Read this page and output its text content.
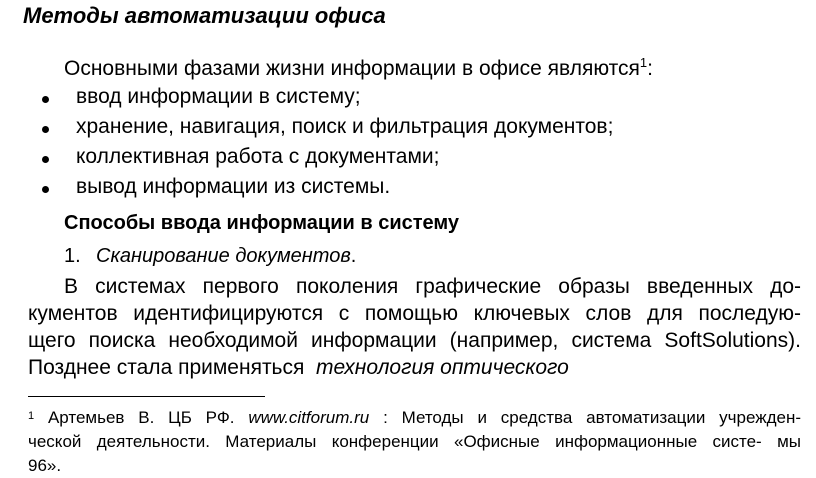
Методы автоматизации офиса
Основными фазами жизни информации в офисе являются$^1$:
ввод информации в систему;
хранение, навигация, поиск и фильтрация документов;
коллективная работа с документами;
вывод информации из системы.
Способы ввода информации в систему
1. Сканирование документов.
В системах первого поколения графические образы введенных до-
кументов идентифицируются с помощью ключевых слов для последую-
щего поиска необходимой информации (например, система SoftSolutions).
Позднее стала применяться технология оптического
$^1$ Артемьев В. ЦБ РФ. www.citforum.ru : Методы и средства автоматизации учрежден-
ческой деятельности. Материалы конференции «Офисные информационные систе- мы
96».
